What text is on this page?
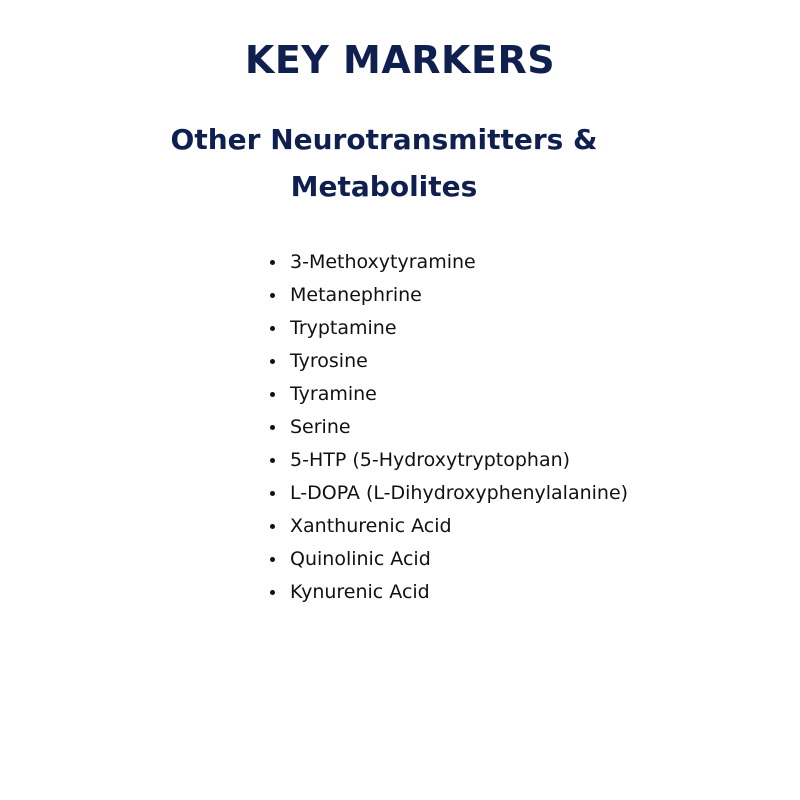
KEY MARKERS
Other Neurotransmitters & Metabolites
3-Methoxytyramine
Metanephrine
Tryptamine
Tyrosine
Tyramine
Serine
5-HTP (5-Hydroxytryptophan)
L-DOPA (L-Dihydroxyphenylalanine)
Xanthurenic Acid
Quinolinic Acid
Kynurenic Acid
